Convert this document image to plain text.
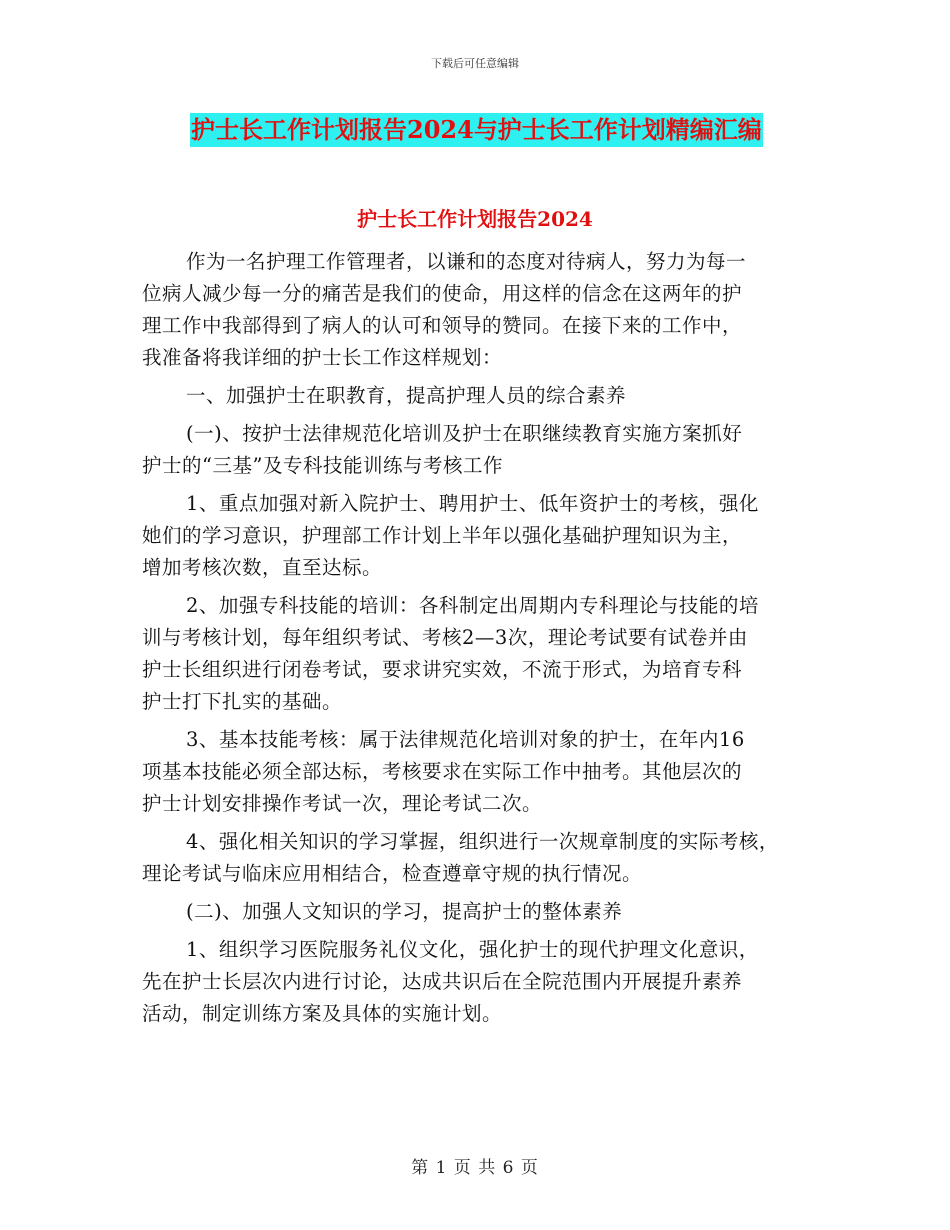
下载后可任意编辑
护士长工作计划报告2024与护士长工作计划精编汇编
护士长工作计划报告2024
作为一名护理工作管理者，以谦和的态度对待病人，努力为每一
位病人减少每一分的痛苦是我们的使命，用这样的信念在这两年的护
理工作中我部得到了病人的认可和领导的赞同。在接下来的工作中，
我准备将我详细的护士长工作这样规划：
一、加强护士在职教育，提高护理人员的综合素养
(一)、按护士法律规范化培训及护士在职继续教育实施方案抓好
护士的“三基”及专科技能训练与考核工作
1、重点加强对新入院护士、聘用护士、低年资护士的考核，强化
她们的学习意识，护理部工作计划上半年以强化基础护理知识为主，
增加考核次数，直至达标。
2、加强专科技能的培训：各科制定出周期内专科理论与技能的培
训与考核计划，每年组织考试、考核2—3次，理论考试要有试卷并由
护士长组织进行闭卷考试，要求讲究实效，不流于形式，为培育专科
护士打下扎实的基础。
3、基本技能考核：属于法律规范化培训对象的护士，在年内16
项基本技能必须全部达标，考核要求在实际工作中抽考。其他层次的
护士计划安排操作考试一次，理论考试二次。
4、强化相关知识的学习掌握，组织进行一次规章制度的实际考核，
理论考试与临床应用相结合，检查遵章守规的执行情况。
(二)、加强人文知识的学习，提高护士的整体素养
1、组织学习医院服务礼仪文化，强化护士的现代护理文化意识，
先在护士长层次内进行讨论，达成共识后在全院范围内开展提升素养
活动，制定训练方案及具体的实施计划。
第 1 页 共 6 页
